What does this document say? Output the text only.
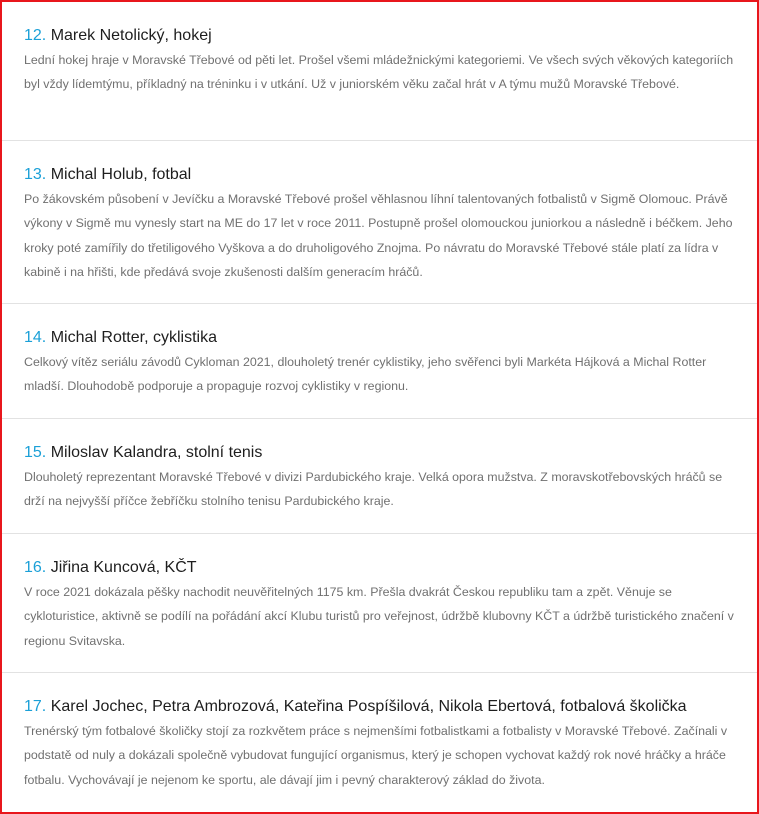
12. Marek Netolický, hokej

Lední hokej hraje v Moravské Třebové od pěti let. Prošel všemi mládežnickými kategoriemi. Ve všech svých věkových kategoriích byl vždy lídemtýmu, příkladný na tréninku i v utkání. Už v juniorském věku začal hrát v A týmu mužů Moravské Třebové.

13. Michal Holub, fotbal

Po žákovském působení v Jevíčku a Moravské Třebové prošel věhlasnou líhní talentovaných fotbalistů v Sigmě Olomouc. Právě výkony v Sigmě mu vynesly start na ME do 17 let v roce 2011. Postupně prošel olomouckou juniorkou a následně i béčkem. Jeho kroky poté zamířily do třetiligového Vyškova a do druholigového Znojma. Po návratu do Moravské Třebové stále platí za lídra v kabině i na hřišti, kde předává svoje zkušenosti dalším generacím hráčů.

14. Michal Rotter, cyklistika

Celkový vítěz seriálu závodů Cykloman 2021, dlouholetý trenér cyklistiky, jeho svěřenci byli Markéta Hájková a Michal Rotter mladší. Dlouhodobě podporuje a propaguje rozvoj cyklistiky v regionu.

15. Miloslav Kalandra, stolní tenis

Dlouholetý reprezentant Moravské Třebové v divizi Pardubického kraje. Velká opora mužstva. Z moravskotřebovských hráčů se drží na nejvyšší příčce žebříčku stolního tenisu Pardubického kraje.

16. Jiřina Kuncová, KČT

V roce 2021 dokázala pěšky nachodit neuvěřitelných 1175 km. Přešla dvakrát Českou republiku tam a zpět. Věnuje se cykloturistice, aktivně se podílí na pořádání akcí Klubu turistů pro veřejnost, údržbě klubovny KČT a údržbě turistického značení v regionu Svitavska.

17. Karel Jochec, Petra Ambrozová, Kateřina Pospíšilová, Nikola Ebertová, fotbalová školička

Trenérský tým fotbalové školičky stojí za rozkvětem práce s nejmenšími fotbalistkami a fotbalisty v Moravské Třebové. Začínali v podstatě od nuly a dokázali společně vybudovat fungující organismus, který je schopen vychovat každý rok nové hráčky a hráče fotbalu. Vychovávají je nejenom ke sportu, ale dávají jim i pevný charakterový základ do života.
